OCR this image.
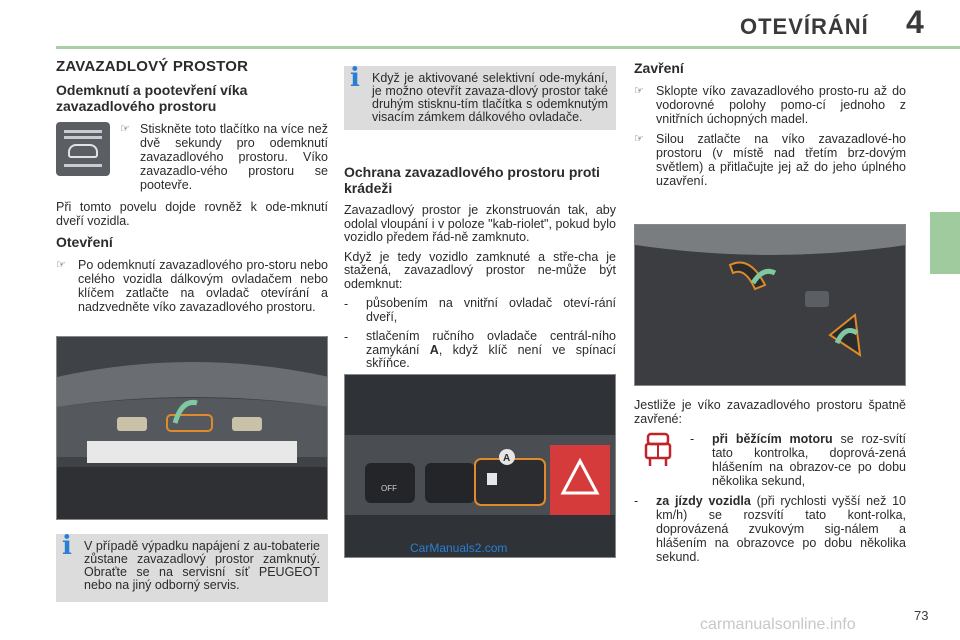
OTEVÍRÁNÍ 4
ZAVAZADLOVÝ PROSTOR
Odemknutí a pootevření víka zavazadlového prostoru
☞ Stiskněte toto tlačítko na více než dvě sekundy pro odemknutí zavazadlového prostoru. Víko zavazadlo-vého prostoru se pootevře.

Při tomto povelu dojde rovněž k ode-mknutí dveří vozidla.

Otevření
☞ Po odemknutí zavazadlového pro-storu nebo celého vozidla dálkovým ovladačem nebo klíčem zatlačte na ovladač otevírání a nadzvedněte víko zavazadlového prostoru.
i V případě výpadku napájení z au-tobaterie zůstane zavazadlový prostor zamknutý. Obraťte se na servisní síť PEUGEOT nebo na jiný odborný servis.
i Když je aktivované selektivní ode-mykání, je možno otevřít zavaza-dlový prostor také druhým stisknu-tím tlačítka s odemknutým visacím zámkem dálkového ovladače.
Ochrana zavazadlového prostoru proti krádeži

Zavazadlový prostor je zkonstruován tak, aby odolal vloupání i v poloze "kab-riolet", pokud bylo vozidlo předem řád-ně zamknuto.

Když je tedy vozidlo zamknuté a stře-cha je stažená, zavazadlový prostor ne-může být odemknut:

-	působením na vnitřní ovladač oteví-rání dveří,
-	stlačením ručního ovladače centrál-ního zamykání A, když klíč není ve spínací skříňce.
OFF
A
CarManuals2.com
Zavření
☞ Sklopte víko zavazadlového prosto-ru až do vodorovné polohy pomo-cí jednoho z vnitřních úchopných madel.
☞ Silou zatlačte na víko zavazadlové-ho prostoru (v místě nad třetím brz-dovým světlem) a přitlačujte jej až do jeho úplného uzavření.

Jestliže je víko zavazadlového prostoru špatně zavřené:

-	při běžícím motoru se roz-svítí tato kontrolka, doprová-zená hlášením na obrazov-ce po dobu několika sekund,
-	za jízdy vozidla (při rychlosti vyšší než 10 km/h) se rozsvítí tato kont-rolka, doprovázená zvukovým sig-nálem a hlášením na obrazovce po dobu několika sekund.
73
carmanualsonline.info
